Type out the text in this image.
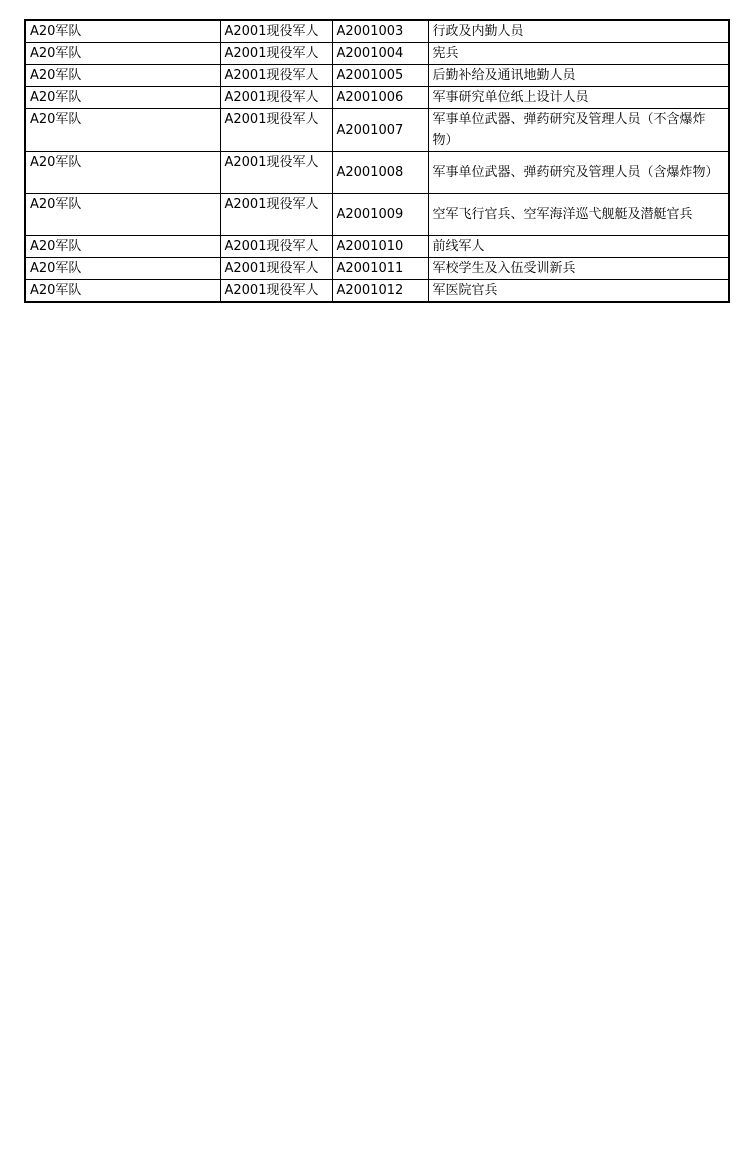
A20军队	A2001现役军人	A2001003	行政及内勤人员
A20军队	A2001现役军人	A2001004	宪兵
A20军队	A2001现役军人	A2001005	后勤补给及通讯地勤人员
A20军队	A2001现役军人	A2001006	军事研究单位纸上设计人员
A20军队	A2001现役军人	A2001007	军事单位武器、弹药研究及管理人员（不含爆炸物）
A20军队	A2001现役军人	A2001008	军事单位武器、弹药研究及管理人员（含爆炸物）
A20军队	A2001现役军人	A2001009	空军飞行官兵、空军海洋巡弋舰艇及潜艇官兵
A20军队	A2001现役军人	A2001010	前线军人
A20军队	A2001现役军人	A2001011	军校学生及入伍受训新兵
A20军队	A2001现役军人	A2001012	军医院官兵
